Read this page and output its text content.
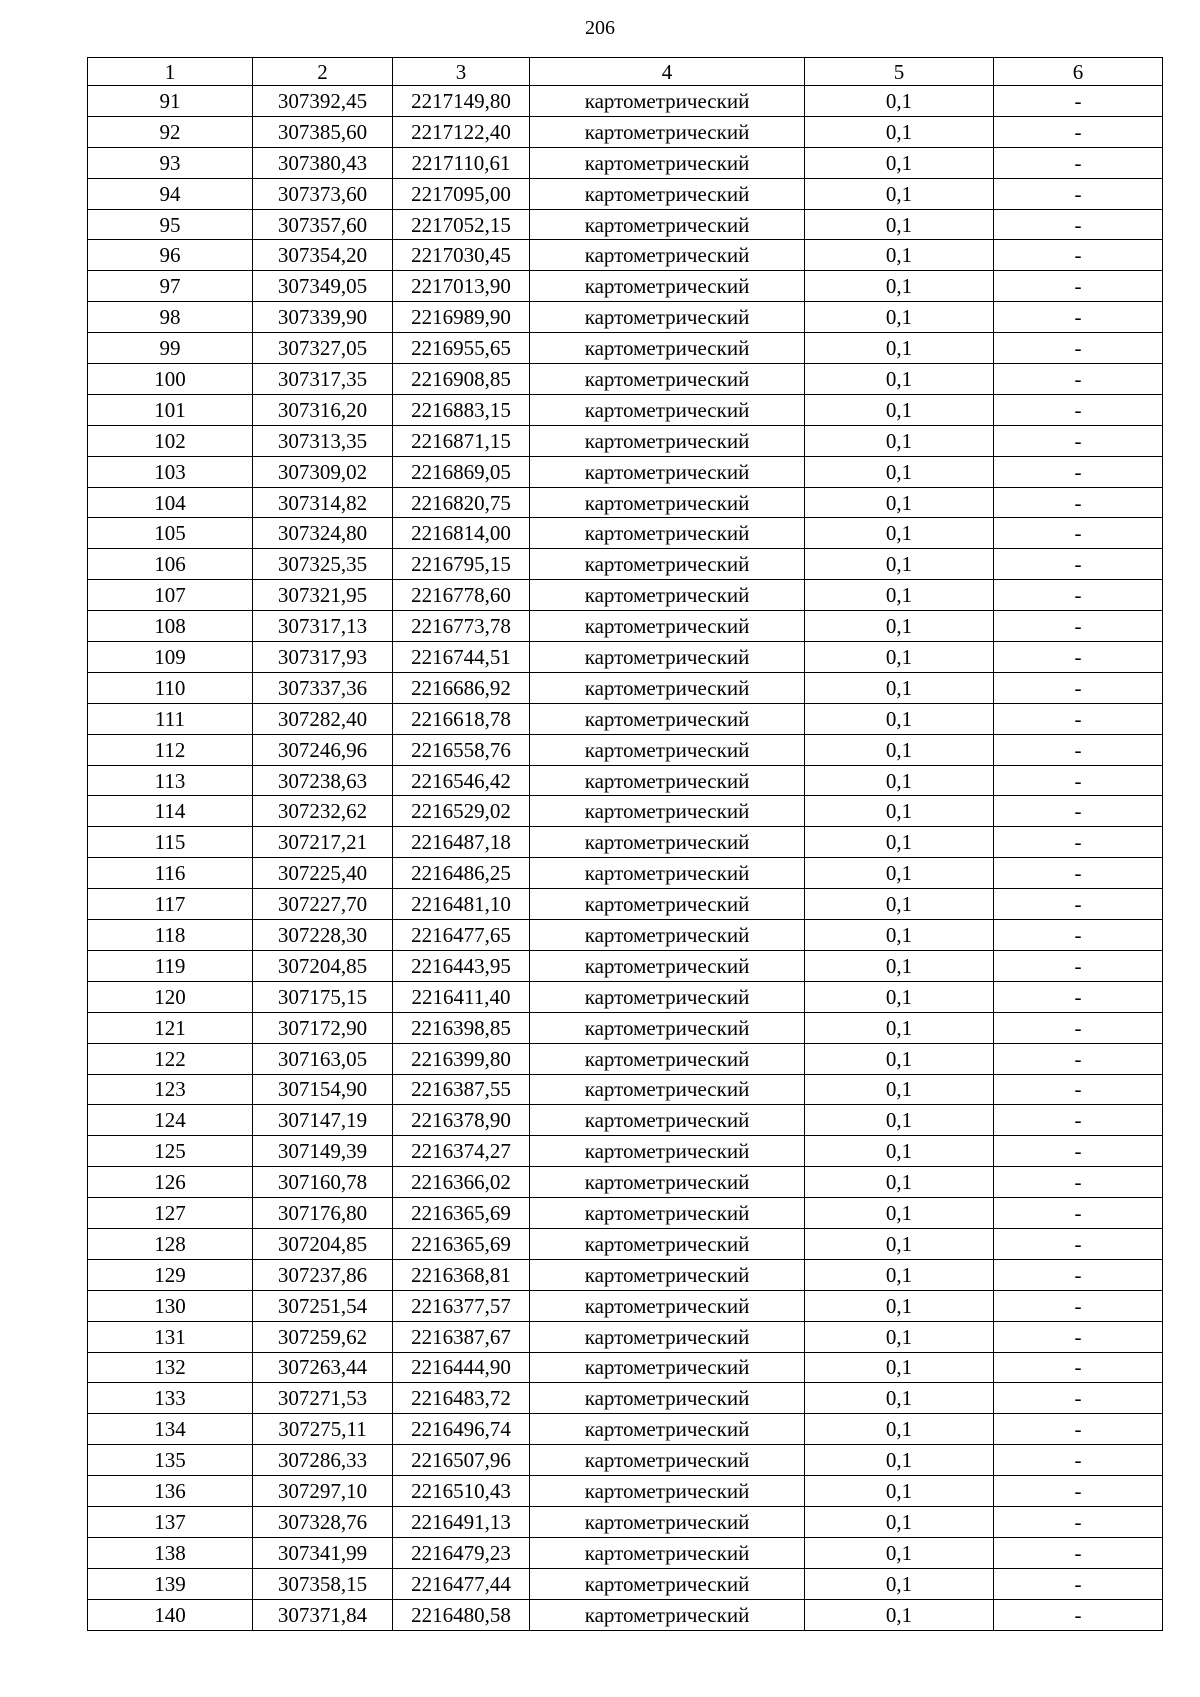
206
1	2	3	4	5	6
91	307392,45	2217149,80	картометрический	0,1	-
92	307385,60	2217122,40	картометрический	0,1	-
93	307380,43	2217110,61	картометрический	0,1	-
94	307373,60	2217095,00	картометрический	0,1	-
95	307357,60	2217052,15	картометрический	0,1	-
96	307354,20	2217030,45	картометрический	0,1	-
97	307349,05	2217013,90	картометрический	0,1	-
98	307339,90	2216989,90	картометрический	0,1	-
99	307327,05	2216955,65	картометрический	0,1	-
100	307317,35	2216908,85	картометрический	0,1	-
101	307316,20	2216883,15	картометрический	0,1	-
102	307313,35	2216871,15	картометрический	0,1	-
103	307309,02	2216869,05	картометрический	0,1	-
104	307314,82	2216820,75	картометрический	0,1	-
105	307324,80	2216814,00	картометрический	0,1	-
106	307325,35	2216795,15	картометрический	0,1	-
107	307321,95	2216778,60	картометрический	0,1	-
108	307317,13	2216773,78	картометрический	0,1	-
109	307317,93	2216744,51	картометрический	0,1	-
110	307337,36	2216686,92	картометрический	0,1	-
111	307282,40	2216618,78	картометрический	0,1	-
112	307246,96	2216558,76	картометрический	0,1	-
113	307238,63	2216546,42	картометрический	0,1	-
114	307232,62	2216529,02	картометрический	0,1	-
115	307217,21	2216487,18	картометрический	0,1	-
116	307225,40	2216486,25	картометрический	0,1	-
117	307227,70	2216481,10	картометрический	0,1	-
118	307228,30	2216477,65	картометрический	0,1	-
119	307204,85	2216443,95	картометрический	0,1	-
120	307175,15	2216411,40	картометрический	0,1	-
121	307172,90	2216398,85	картометрический	0,1	-
122	307163,05	2216399,80	картометрический	0,1	-
123	307154,90	2216387,55	картометрический	0,1	-
124	307147,19	2216378,90	картометрический	0,1	-
125	307149,39	2216374,27	картометрический	0,1	-
126	307160,78	2216366,02	картометрический	0,1	-
127	307176,80	2216365,69	картометрический	0,1	-
128	307204,85	2216365,69	картометрический	0,1	-
129	307237,86	2216368,81	картометрический	0,1	-
130	307251,54	2216377,57	картометрический	0,1	-
131	307259,62	2216387,67	картометрический	0,1	-
132	307263,44	2216444,90	картометрический	0,1	-
133	307271,53	2216483,72	картометрический	0,1	-
134	307275,11	2216496,74	картометрический	0,1	-
135	307286,33	2216507,96	картометрический	0,1	-
136	307297,10	2216510,43	картометрический	0,1	-
137	307328,76	2216491,13	картометрический	0,1	-
138	307341,99	2216479,23	картометрический	0,1	-
139	307358,15	2216477,44	картометрический	0,1	-
140	307371,84	2216480,58	картометрический	0,1	-
